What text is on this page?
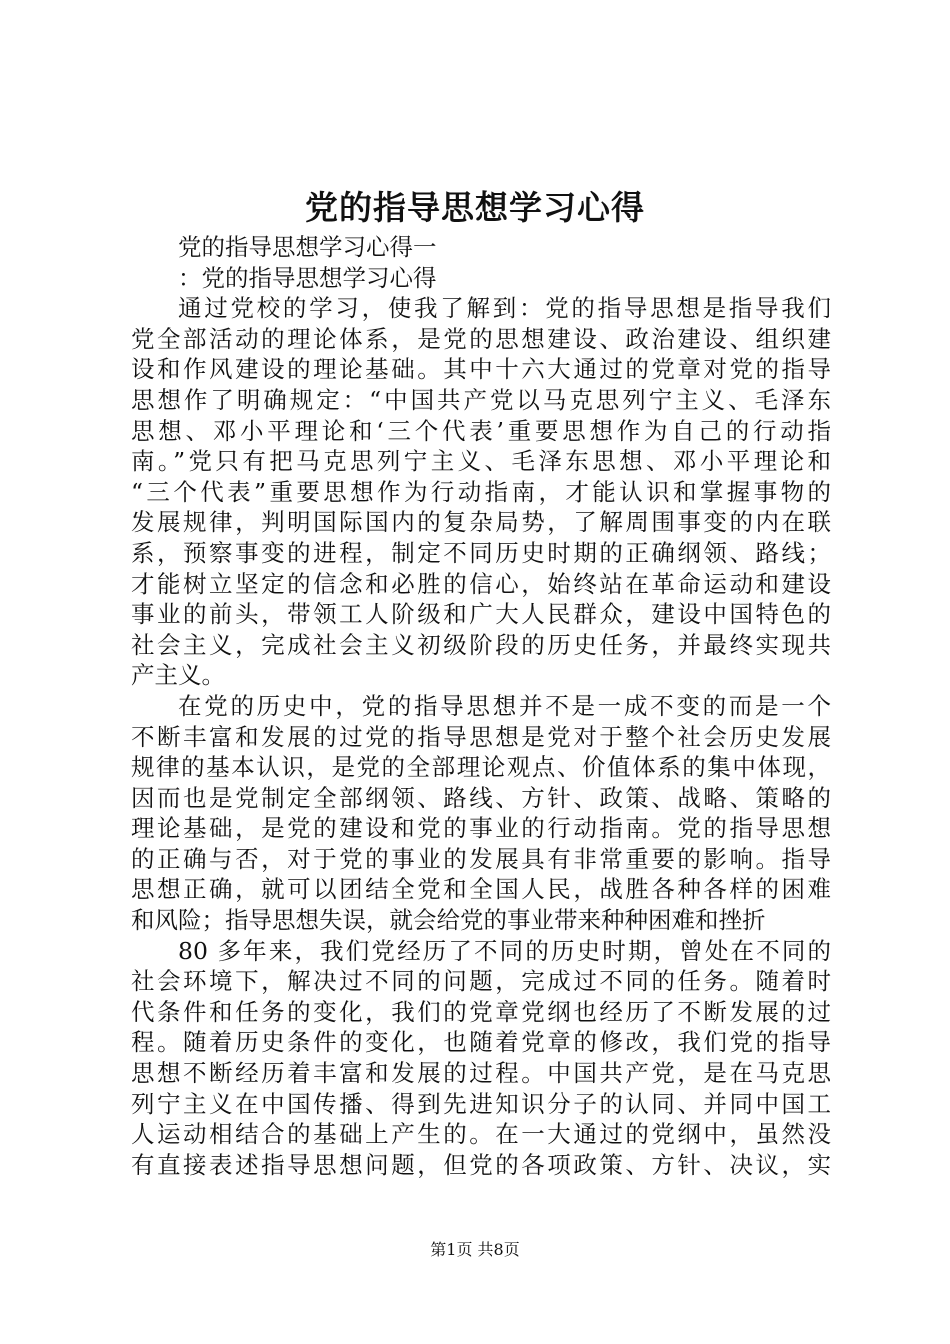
党的指导思想学习心得
党的指导思想学习心得一
：党的指导思想学习心得
通过党校的学习，使我了解到：党的指导思想是指导我们
党全部活动的理论体系，是党的思想建设、政治建设、组织建
设和作风建设的理论基础。其中十六大通过的党章对党的指导
思想作了明确规定：“中国共产党以马克思列宁主义、毛泽东
思想、邓小平理论和‘三个代表’重要思想作为自己的行动指
南。”党只有把马克思列宁主义、毛泽东思想、邓小平理论和
“三个代表”重要思想作为行动指南，才能认识和掌握事物的
发展规律，判明国际国内的复杂局势，了解周围事变的内在联
系，预察事变的进程，制定不同历史时期的正确纲领、路线；
才能树立坚定的信念和必胜的信心，始终站在革命运动和建设
事业的前头，带领工人阶级和广大人民群众，建设中国特色的
社会主义，完成社会主义初级阶段的历史任务，并最终实现共
产主义。
在党的历史中，党的指导思想并不是一成不变的而是一个
不断丰富和发展的过党的指导思想是党对于整个社会历史发展
规律的基本认识，是党的全部理论观点、价值体系的集中体现，
因而也是党制定全部纲领、路线、方针、政策、战略、策略的
理论基础，是党的建设和党的事业的行动指南。党的指导思想
的正确与否，对于党的事业的发展具有非常重要的影响。指导
思想正确，就可以团结全党和全国人民，战胜各种各样的困难
和风险；指导思想失误，就会给党的事业带来种种困难和挫折
80 多年来，我们党经历了不同的历史时期，曾处在不同的
社会环境下，解决过不同的问题，完成过不同的任务。随着时
代条件和任务的变化，我们的党章党纲也经历了不断发展的过
程。随着历史条件的变化，也随着党章的修改，我们党的指导
思想不断经历着丰富和发展的过程。中国共产党，是在马克思
列宁主义在中国传播、得到先进知识分子的认同、并同中国工
人运动相结合的基础上产生的。在一大通过的党纲中，虽然没
有直接表述指导思想问题，但党的各项政策、方针、决议，实
第1页 共8页
